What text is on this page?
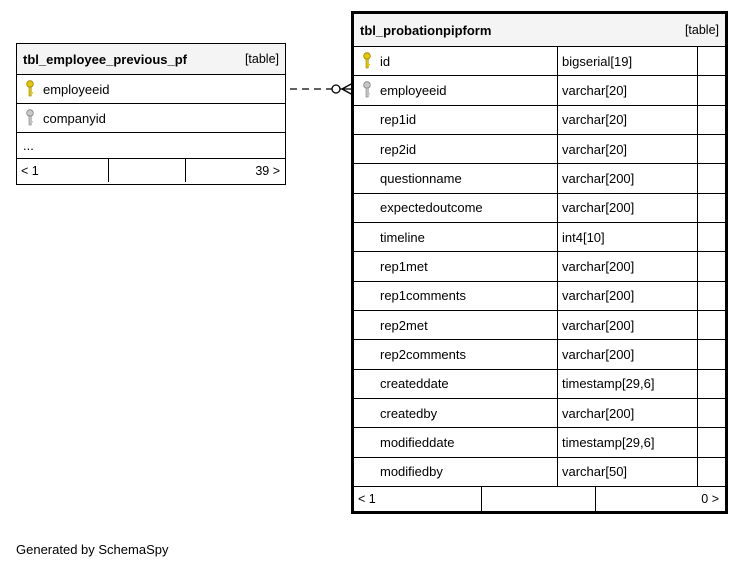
tbl_employee_previous_pf	[table]
employeeid
companyid
...
< 1	39 >
tbl_probationpipform	[table]
id	bigserial[19]
employeeid	varchar[20]
rep1id	varchar[20]
rep2id	varchar[20]
questionname	varchar[200]
expectedoutcome	varchar[200]
timeline	int4[10]
rep1met	varchar[200]
rep1comments	varchar[200]
rep2met	varchar[200]
rep2comments	varchar[200]
createddate	timestamp[29,6]
createdby	varchar[200]
modifieddate	timestamp[29,6]
modifiedby	varchar[50]
< 1	0 >
Generated by SchemaSpy
